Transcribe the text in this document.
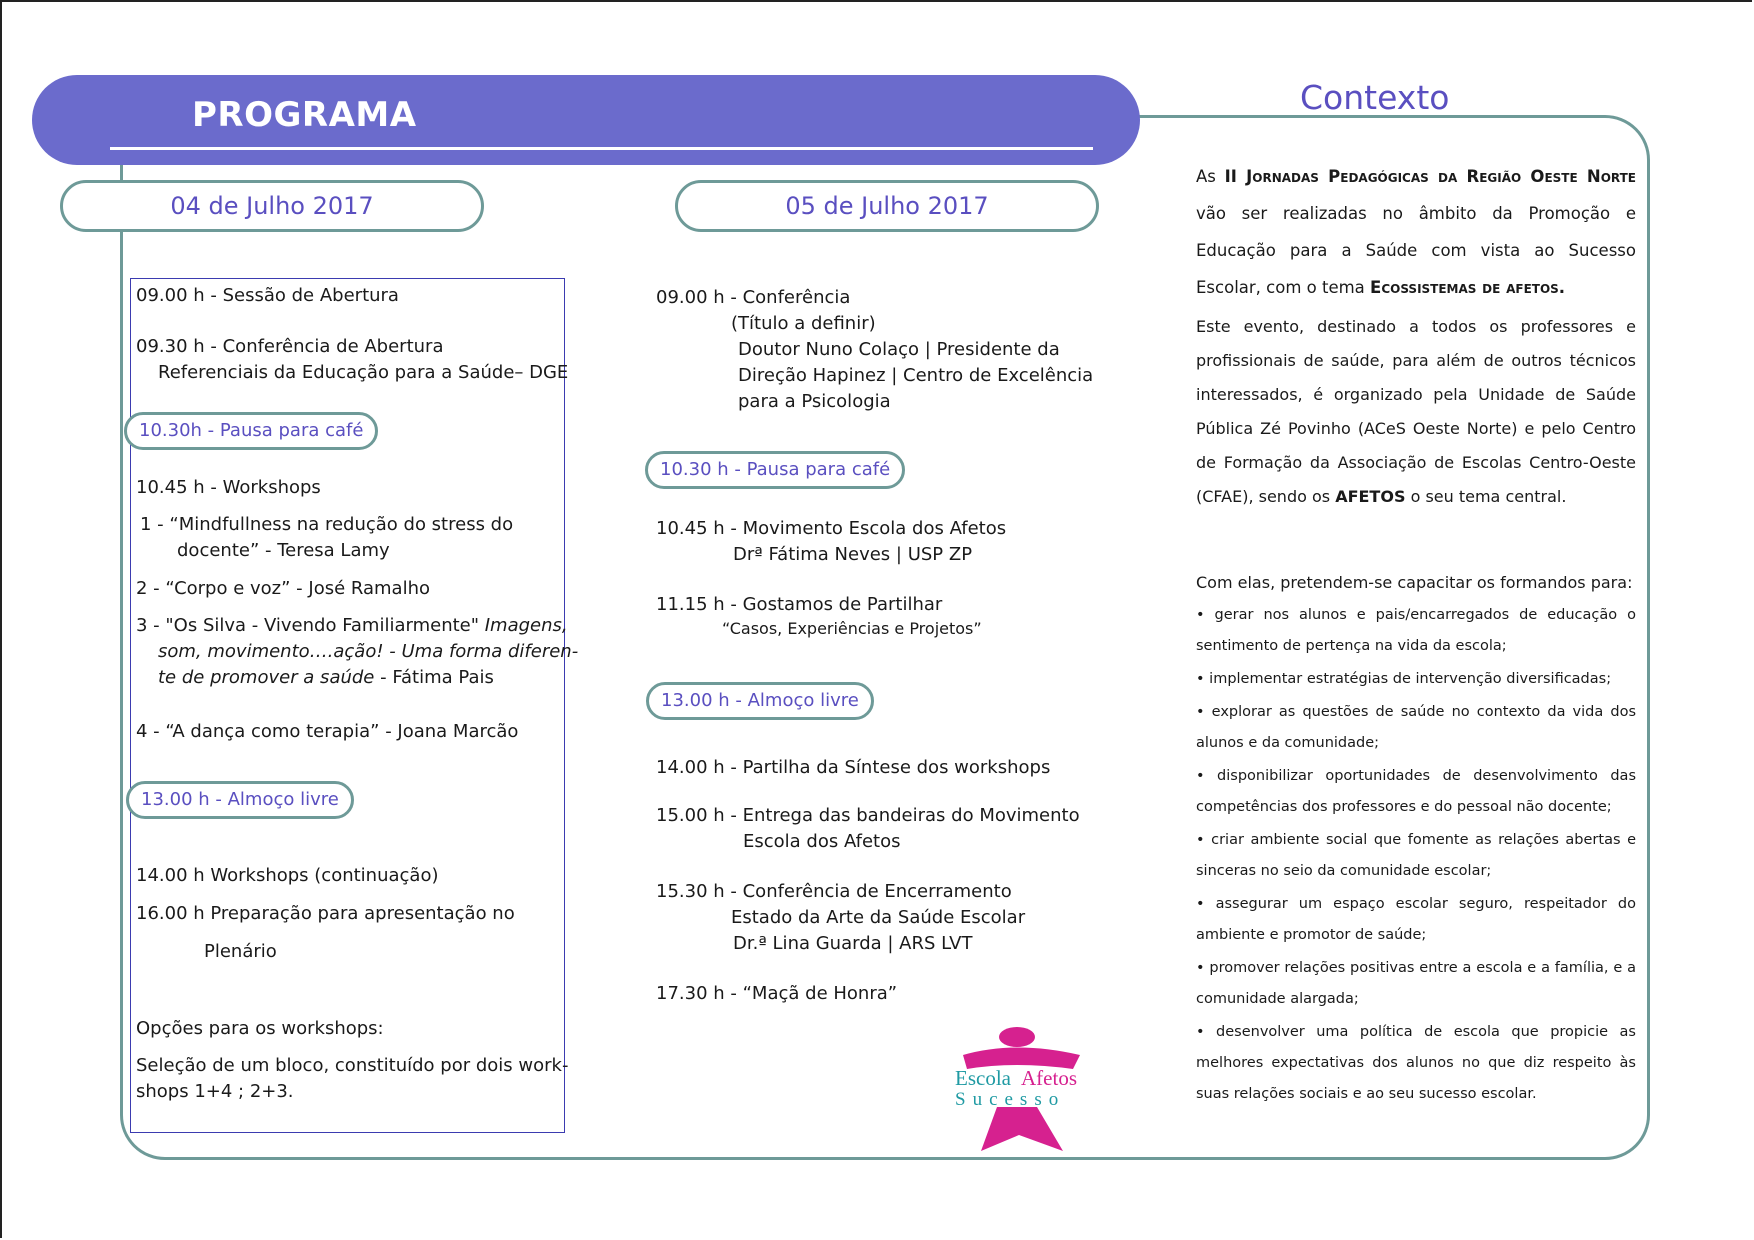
PROGRAMA	Contexto
04 de Julho 2017	05 de Julho 2017
09.00 h - Sessão de Abertura
09.30 h - Conferência de Abertura
Referenciais da Educação para a Saúde– DGE
10.30h - Pausa para café
10.45 h - Workshops
1 - “Mindfullness na redução do stress do
docente” - Teresa Lamy
2 - “Corpo e voz” - José Ramalho
3 - "Os Silva - Vivendo Familiarmente" Imagens,
som, movimento….ação! - Uma forma diferen-
te de promover a saúde - Fátima Pais
4 - “A dança como terapia” - Joana Marcão
13.00 h - Almoço livre
14.00 h Workshops (continuação)
16.00 h Preparação para apresentação no
Plenário
Opções para os workshops:
Seleção de um bloco, constituído por dois work-
shops 1+4 ; 2+3.
09.00 h - Conferência
(Título a definir)
Doutor Nuno Colaço | Presidente da
Direção Hapinez | Centro de Excelência
para a Psicologia
10.30 h - Pausa para café
10.45 h - Movimento Escola dos Afetos
Drª Fátima Neves | USP ZP
11.15 h - Gostamos de Partilhar
“Casos, Experiências e Projetos”
13.00 h - Almoço livre
14.00 h - Partilha da Síntese dos workshops
15.00 h - Entrega das bandeiras do Movimento
Escola dos Afetos
15.30 h - Conferência de Encerramento
Estado da Arte da Saúde Escolar
Dr.ª Lina Guarda | ARS LVT
17.30 h - “Maçã de Honra”
Escola Afetos
Sucesso
As II Jornadas Pedagógicas da Região Oeste Norte vão ser realizadas no âmbito da Promoção e Educação para a Saúde com vista ao Sucesso Escolar, com o tema Ecossistemas de afetos.
Este evento, destinado a todos os professores e profissionais de saúde, para além de outros técnicos interessados, é organizado pela Unidade de Saúde Pública Zé Povinho (ACeS Oeste Norte) e pelo Centro de Formação da Associação de Escolas Centro-Oeste (CFAE), sendo os AFETOS o seu tema central.
Com elas, pretendem-se capacitar os formandos para:
• gerar nos alunos e pais/encarregados de educação o sentimento de pertença na vida da escola;
• implementar estratégias de intervenção diversificadas;
• explorar as questões de saúde no contexto da vida dos alunos e da comunidade;
• disponibilizar oportunidades de desenvolvimento das competências dos professores e do pessoal não docente;
• criar ambiente social que fomente as relações abertas e sinceras no seio da comunidade escolar;
• assegurar um espaço escolar seguro, respeitador do ambiente e promotor de saúde;
• promover relações positivas entre a escola e a família, e a comunidade alargada;
• desenvolver uma política de escola que propicie as melhores expectativas dos alunos no que diz respeito às suas relações sociais e ao seu sucesso escolar.
